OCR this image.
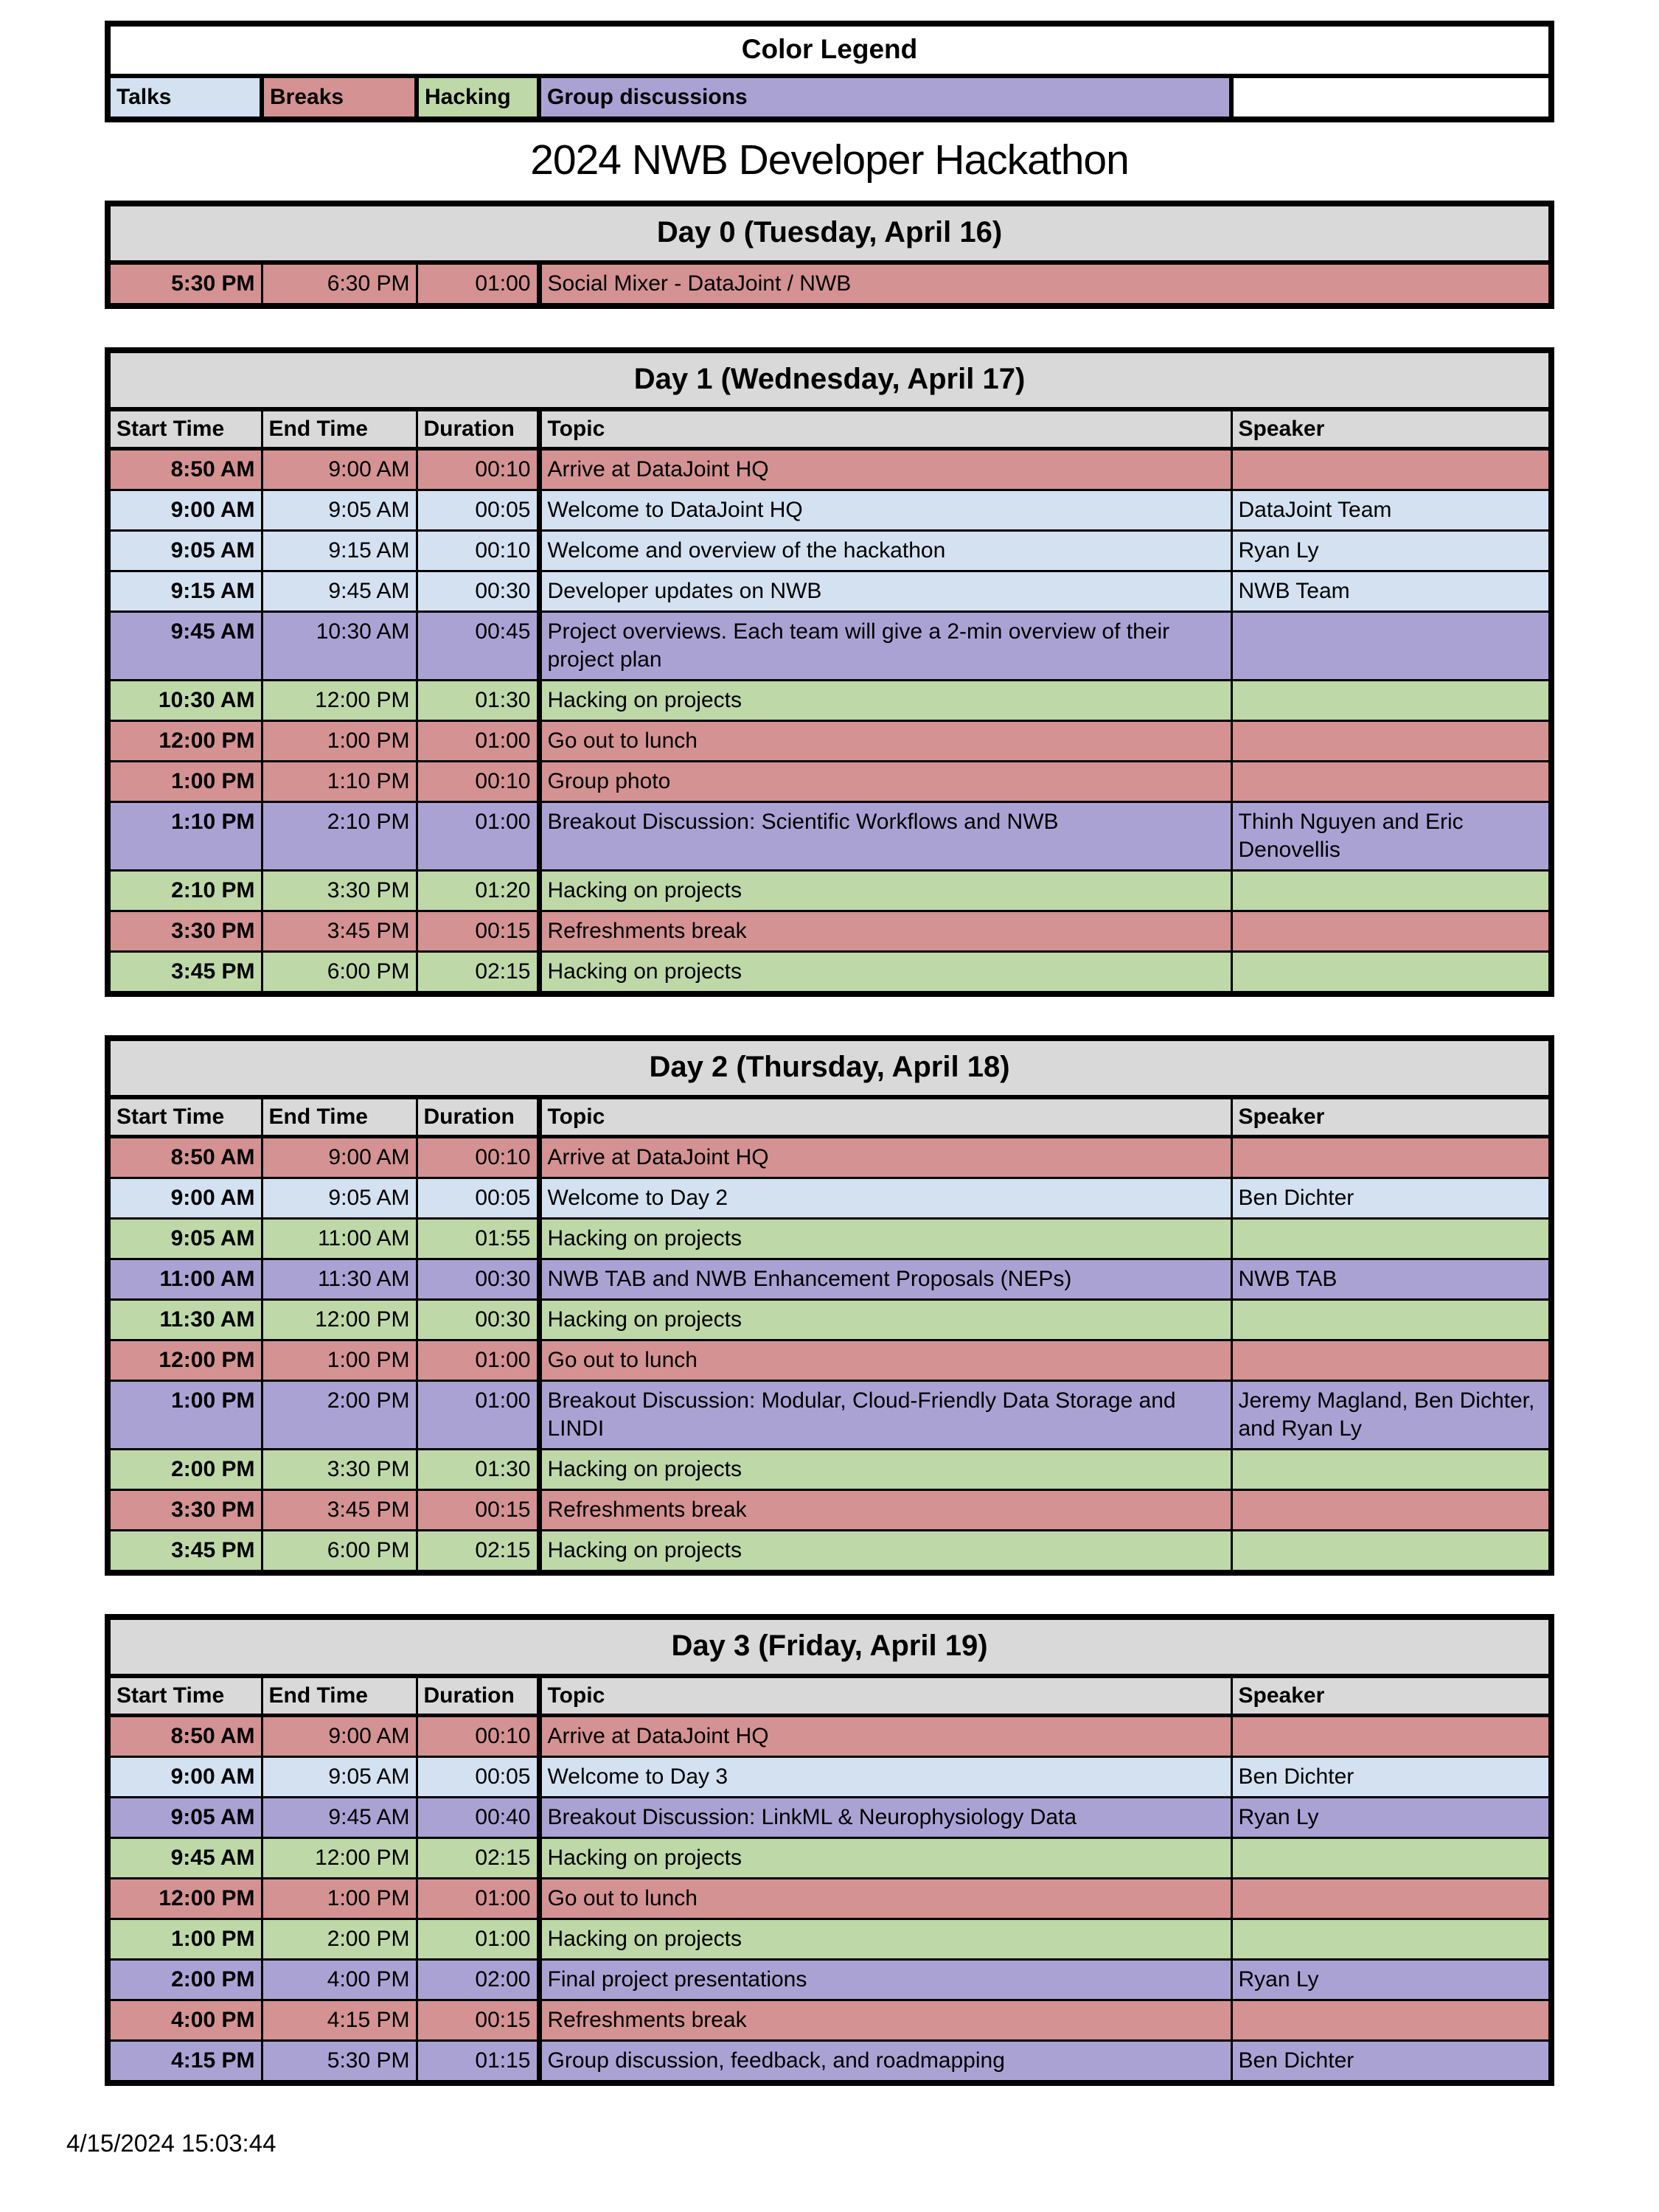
Color Legend
Talks	Breaks	Hacking	Group discussions	
2024 NWB Developer Hackathon
Day 0 (Tuesday, April 16)
5:30 PM	6:30 PM	01:00	Social Mixer - DataJoint / NWB
Day 1 (Wednesday, April 17)				
Start Time	End Time	Duration	Topic	Speaker
8:50 AM	9:00 AM	00:10	Arrive at DataJoint HQ	
9:00 AM	9:05 AM	00:05	Welcome to DataJoint HQ	DataJoint Team
9:05 AM	9:15 AM	00:10	Welcome and overview of the hackathon	Ryan Ly
9:15 AM	9:45 AM	00:30	Developer updates on NWB	NWB Team
9:45 AM	10:30 AM	00:45	Project overviews. Each team will give a 2-min overview of their project plan	
10:30 AM	12:00 PM	01:30	Hacking on projects	
12:00 PM	1:00 PM	01:00	Go out to lunch	
1:00 PM	1:10 PM	00:10	Group photo	
1:10 PM	2:10 PM	01:00	Breakout Discussion: Scientific Workflows and NWB	Thinh Nguyen and Eric Denovellis
2:10 PM	3:30 PM	01:20	Hacking on projects	
3:30 PM	3:45 PM	00:15	Refreshments break	
3:45 PM	6:00 PM	02:15	Hacking on projects	
Day 2 (Thursday, April 18)				
Start Time	End Time	Duration	Topic	Speaker
8:50 AM	9:00 AM	00:10	Arrive at DataJoint HQ	
9:00 AM	9:05 AM	00:05	Welcome to Day 2	Ben Dichter
9:05 AM	11:00 AM	01:55	Hacking on projects	
11:00 AM	11:30 AM	00:30	NWB TAB and NWB Enhancement Proposals (NEPs)	NWB TAB
11:30 AM	12:00 PM	00:30	Hacking on projects	
12:00 PM	1:00 PM	01:00	Go out to lunch	
1:00 PM	2:00 PM	01:00	Breakout Discussion: Modular, Cloud-Friendly Data Storage and LINDI	Jeremy Magland, Ben Dichter, and Ryan Ly
2:00 PM	3:30 PM	01:30	Hacking on projects	
3:30 PM	3:45 PM	00:15	Refreshments break	
3:45 PM	6:00 PM	02:15	Hacking on projects	
Day 3 (Friday, April 19)				
Start Time	End Time	Duration	Topic	Speaker
8:50 AM	9:00 AM	00:10	Arrive at DataJoint HQ	
9:00 AM	9:05 AM	00:05	Welcome to Day 3	Ben Dichter
9:05 AM	9:45 AM	00:40	Breakout Discussion: LinkML & Neurophysiology Data	Ryan Ly
9:45 AM	12:00 PM	02:15	Hacking on projects	
12:00 PM	1:00 PM	01:00	Go out to lunch	
1:00 PM	2:00 PM	01:00	Hacking on projects	
2:00 PM	4:00 PM	02:00	Final project presentations	Ryan Ly
4:00 PM	4:15 PM	00:15	Refreshments break	
4:15 PM	5:30 PM	01:15	Group discussion, feedback, and roadmapping	Ben Dichter
4/15/2024 15:03:44
